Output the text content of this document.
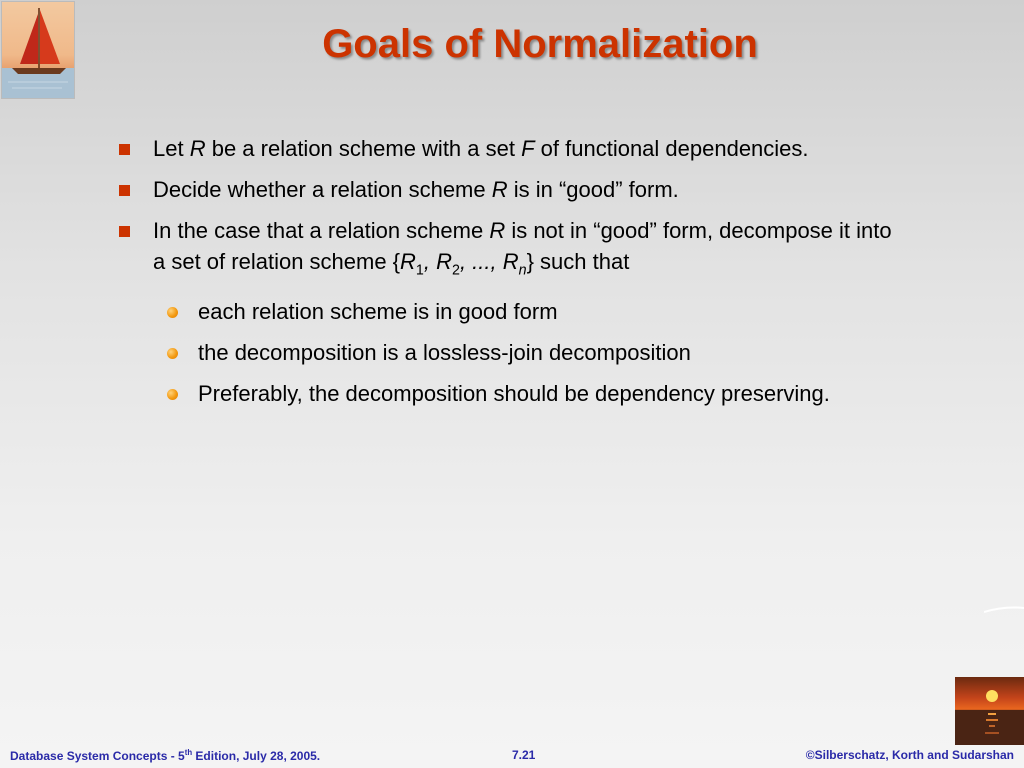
Goals of Normalization
Let R be a relation scheme with a set F of functional dependencies.
Decide whether a relation scheme R is in “good” form.
In the case that a relation scheme R is not in “good” form, decompose it into a set of relation scheme {$R_1$, $R_2$, ..., $R_n$} such that
each relation scheme is in good form
the decomposition is a lossless-join decomposition
Preferably, the decomposition should be dependency preserving.
Database System Concepts - 5th Edition, July 28, 2005.	7.21	©Silberschatz, Korth and Sudarshan
